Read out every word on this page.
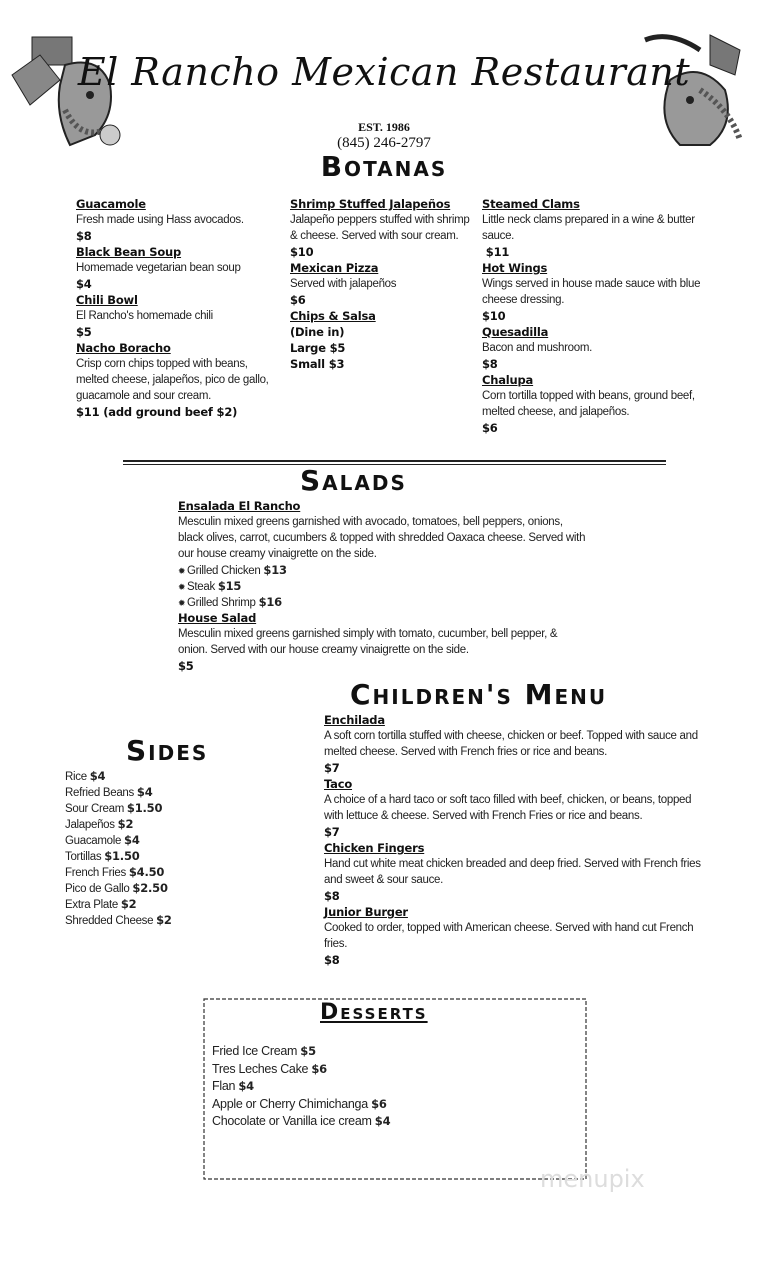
El Rancho Mexican Restaurant
EST. 1986
(845) 246-2797
Botanas
Guacamole
Fresh made using Hass avocados.
$8
Black Bean Soup
Homemade vegetarian bean soup
$4
Chili Bowl
El Rancho's homemade chili
$5
Nacho Boracho
Crisp corn chips topped with beans,
melted cheese, jalapeños, pico de gallo,
guacamole and sour cream.
$11 (add ground beef $2)
Shrimp Stuffed Jalapeños
Jalapeño peppers stuffed with shrimp
& cheese. Served with sour cream.
$10
Mexican Pizza
Served with jalapeños
$6
Chips & Salsa
(Dine in)
Large $5
Small $3
Steamed Clams
Little neck clams prepared in a wine & butter
sauce.
$11
Hot Wings
Wings served in house made sauce with blue
cheese dressing.
$10
Quesadilla
Bacon and mushroom.
$8
Chalupa
Corn tortilla topped with beans, ground beef,
melted cheese, and jalapeños.
$6
Salads
Ensalada El Rancho
Mesculin mixed greens garnished with avocado, tomatoes, bell peppers, onions,
black olives, carrot, cucumbers & topped with shredded Oaxaca cheese. Served with
our house creamy vinaigrette on the side.
✹ Grilled Chicken $13
✹ Steak $15
✹ Grilled Shrimp $16
House Salad
Mesculin mixed greens garnished simply with tomato, cucumber, bell pepper, &
onion. Served with our house creamy vinaigrette on the side.
$5
Children's Menu
Enchilada
A soft corn tortilla stuffed with cheese, chicken or beef. Topped with sauce and
melted cheese. Served with French fries or rice and beans.
$7
Taco
A choice of a hard taco or soft taco filled with beef, chicken, or beans, topped
with lettuce & cheese. Served with French Fries or rice and beans.
$7
Chicken Fingers
Hand cut white meat chicken breaded and deep fried. Served with French fries
and sweet & sour sauce.
$8
Junior Burger
Cooked to order, topped with American cheese. Served with hand cut French
fries.
$8
Sides
Rice $4
Refried Beans $4
Sour Cream $1.50
Jalapeños $2
Guacamole $4
Tortillas $1.50
French Fries $4.50
Pico de Gallo $2.50
Extra Plate $2
Shredded Cheese $2
Desserts
Fried Ice Cream $5
Tres Leches Cake $6
Flan $4
Apple or Cherry Chimichanga $6
Chocolate or Vanilla ice cream $4
menupix
